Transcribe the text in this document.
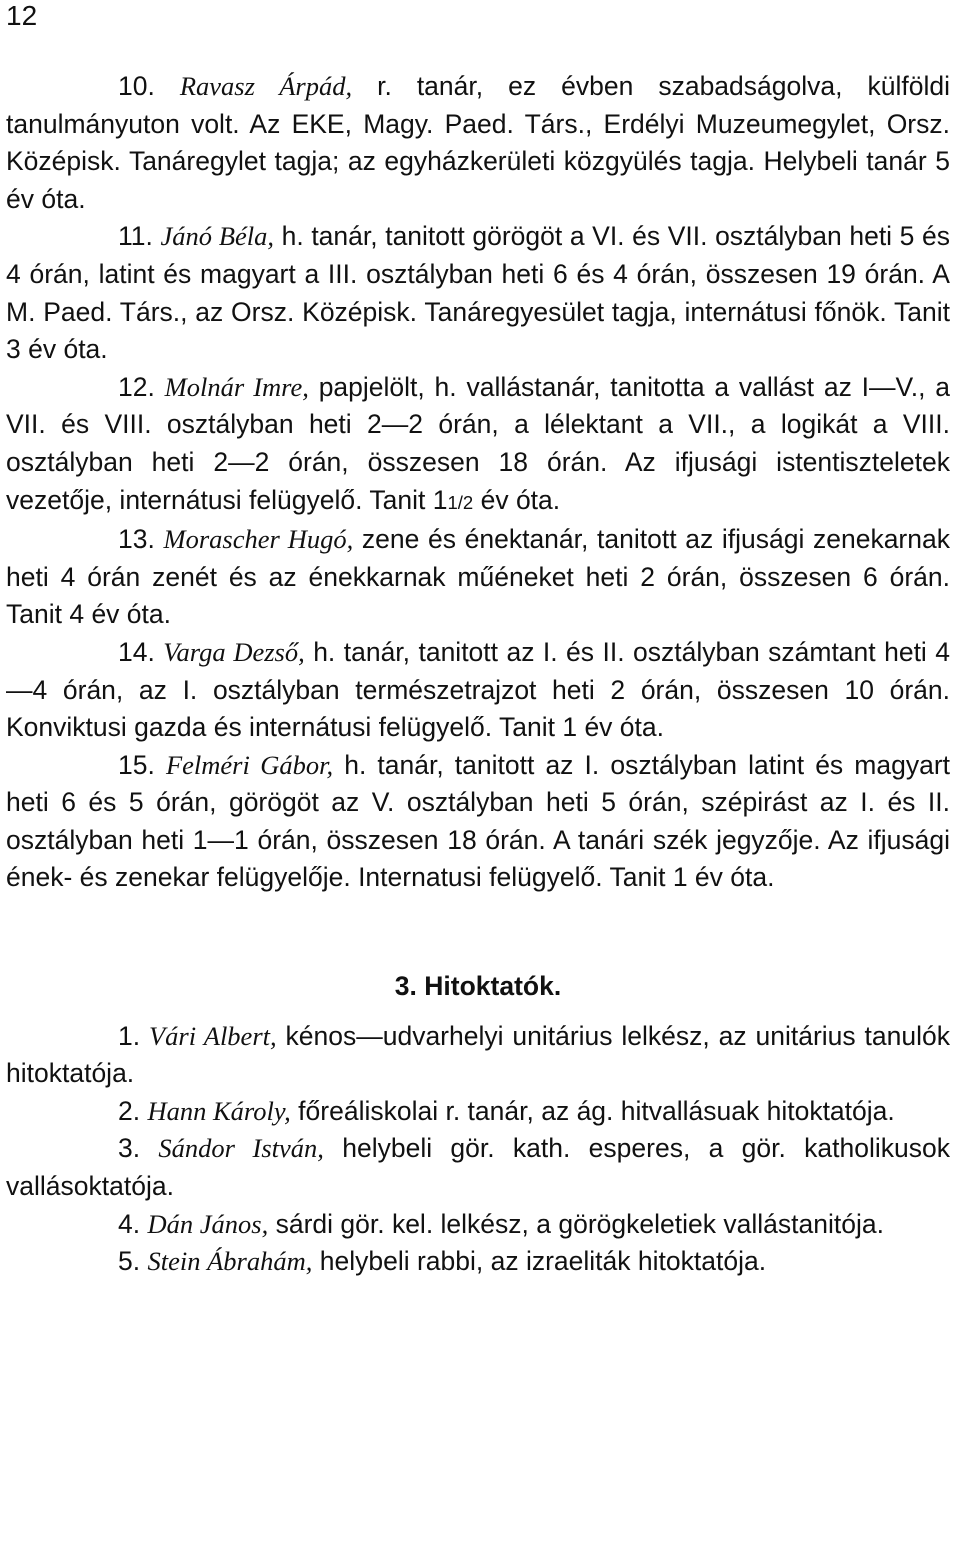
12

10. Ravasz Árpád, r. tanár, ez évben szabadságolva, külföldi tanulmányuton volt. Az EKE, Magy. Paed. Társ., Erdélyi Muzeumegylet, Orsz. Középisk. Tanáregylet tagja; az egyházkerületi közgyülés tagja. Helybeli tanár 5 év óta.

11. Jánó Béla, h. tanár, tanitott görögöt a VI. és VII. osztályban heti 5 és 4 órán, latint és magyart a III. osztályban heti 6 és 4 órán, összesen 19 órán. A M. Paed. Társ., az Orsz. Középisk. Tanáregyesület tagja, internátusi főnök. Tanit 3 év óta.

12. Molnár Imre, papjelölt, h. vallástanár, tanitotta a vallást az I—V., a VII. és VIII. osztályban heti 2—2 órán, a lélektant a VII., a logikát a VIII. osztályban heti 2—2 órán, összesen 18 órán. Az ifjusági istentiszteletek vezetője, internátusi felügyelő. Tanit 11/2 év óta.

13. Morascher Hugó, zene és énektanár, tanitott az ifjusági zenekarnak heti 4 órán zenét és az énekkarnak műéneket heti 2 órán, összesen 6 órán. Tanit 4 év óta.

14. Varga Dezső, h. tanár, tanitott az I. és II. osztályban számtant heti 4—4 órán, az I. osztályban természetrajzot heti 2 órán, összesen 10 órán. Konviktusi gazda és internátusi felügyelő. Tanit 1 év óta.

15. Felméri Gábor, h. tanár, tanitott az I. osztályban latint és magyart heti 6 és 5 órán, görögöt az V. osztályban heti 5 órán, szépirást az I. és II. osztályban heti 1—1 órán, összesen 18 órán. A tanári szék jegyzője. Az ifjusági ének- és zenekar felügyelője. Internatusi felügyelő. Tanit 1 év óta.

3. Hitoktatók.

1. Vári Albert, kénos—udvarhelyi unitárius lelkész, az unitárius tanulók hitoktatója.

2. Hann Károly, főreáliskolai r. tanár, az ág. hitvallásuak hitoktatója.

3. Sándor István, helybeli gör. kath. esperes, a gör. katholikusok vallásoktatója.

4. Dán János, sárdi gör. kel. lelkész, a görögkeletiek vallástanitója.

5. Stein Ábrahám, helybeli rabbi, az izraeliták hitoktatója.
